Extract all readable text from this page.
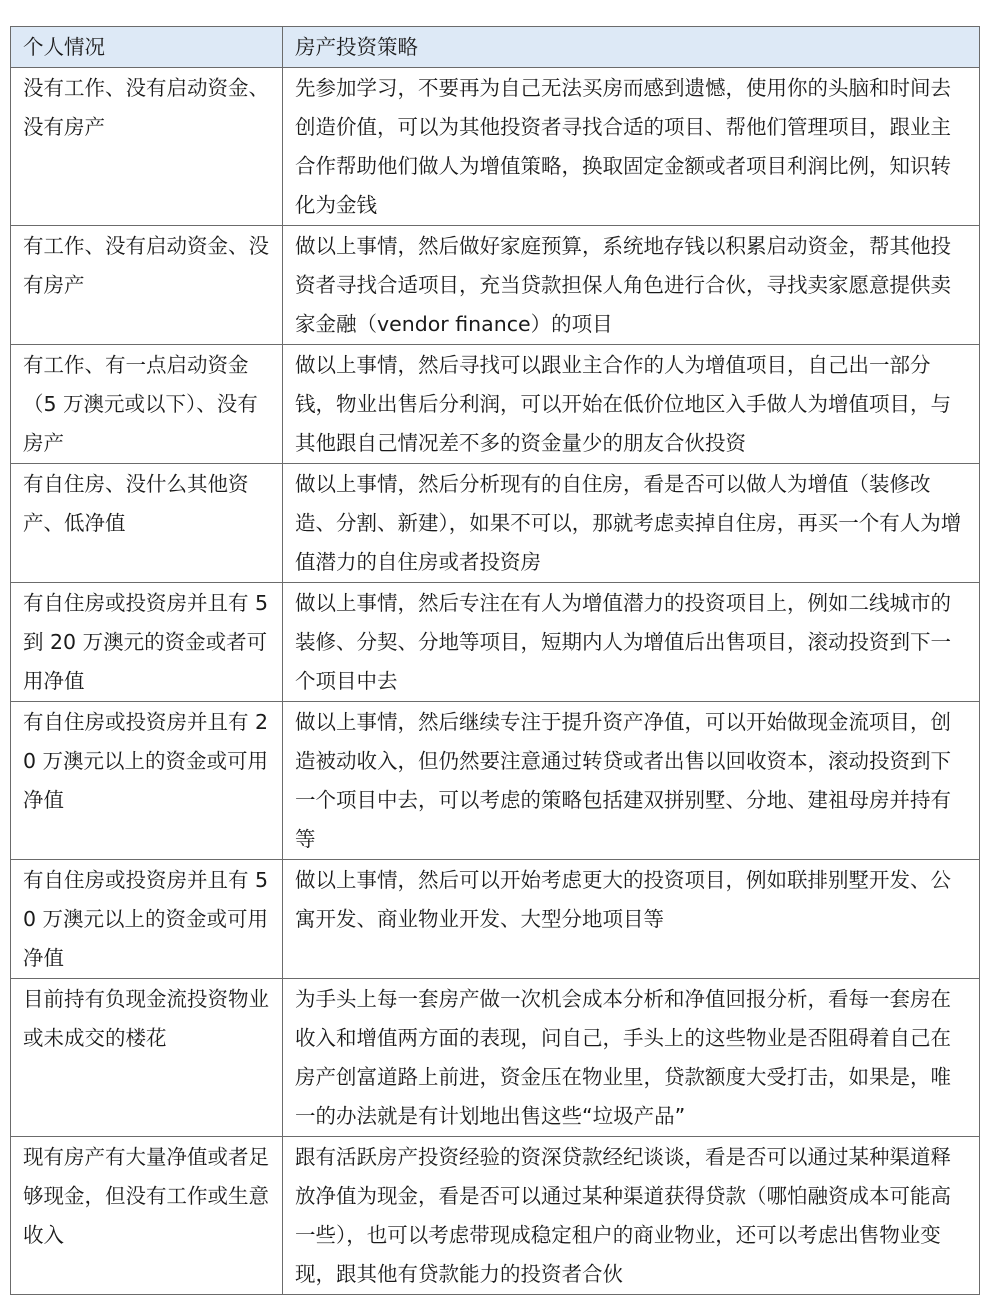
个人情况	房产投资策略
没有工作、没有启动资金、没有房产	先参加学习，不要再为自己无法买房而感到遗憾，使用你的头脑和时间去创造价值，可以为其他投资者寻找合适的项目、帮他们管理项目，跟业主合作帮助他们做人为增值策略，换取固定金额或者项目利润比例，知识转化为金钱
有工作、没有启动资金、没有房产	做以上事情，然后做好家庭预算，系统地存钱以积累启动资金，帮其他投资者寻找合适项目，充当贷款担保人角色进行合伙，寻找卖家愿意提供卖家金融（vendor finance）的项目
有工作、有一点启动资金（5 万澳元或以下）、没有房产	做以上事情，然后寻找可以跟业主合作的人为增值项目，自己出一部分钱，物业出售后分利润，可以开始在低价位地区入手做人为增值项目，与其他跟自己情况差不多的资金量少的朋友合伙投资
有自住房、没什么其他资产、低净值	做以上事情，然后分析现有的自住房，看是否可以做人为增值（装修改造、分割、新建），如果不可以，那就考虑卖掉自住房，再买一个有人为增值潜力的自住房或者投资房
有自住房或投资房并且有 5 到 20 万澳元的资金或者可用净值	做以上事情，然后专注在有人为增值潜力的投资项目上，例如二线城市的装修、分契、分地等项目，短期内人为增值后出售项目，滚动投资到下一个项目中去
有自住房或投资房并且有 20 万澳元以上的资金或可用净值	做以上事情，然后继续专注于提升资产净值，可以开始做现金流项目，创造被动收入，但仍然要注意通过转贷或者出售以回收资本，滚动投资到下一个项目中去，可以考虑的策略包括建双拼别墅、分地、建祖母房并持有等
有自住房或投资房并且有 50 万澳元以上的资金或可用净值	做以上事情，然后可以开始考虑更大的投资项目，例如联排别墅开发、公寓开发、商业物业开发、大型分地项目等
目前持有负现金流投资物业或未成交的楼花	为手头上每一套房产做一次机会成本分析和净值回报分析，看每一套房在收入和增值两方面的表现，问自己，手头上的这些物业是否阻碍着自己在房产创富道路上前进，资金压在物业里，贷款额度大受打击，如果是，唯一的办法就是有计划地出售这些“垃圾产品”
现有房产有大量净值或者足够现金，但没有工作或生意收入	跟有活跃房产投资经验的资深贷款经纪谈谈，看是否可以通过某种渠道释放净值为现金，看是否可以通过某种渠道获得贷款（哪怕融资成本可能高一些），也可以考虑带现成稳定租户的商业物业，还可以考虑出售物业变现，跟其他有贷款能力的投资者合伙
